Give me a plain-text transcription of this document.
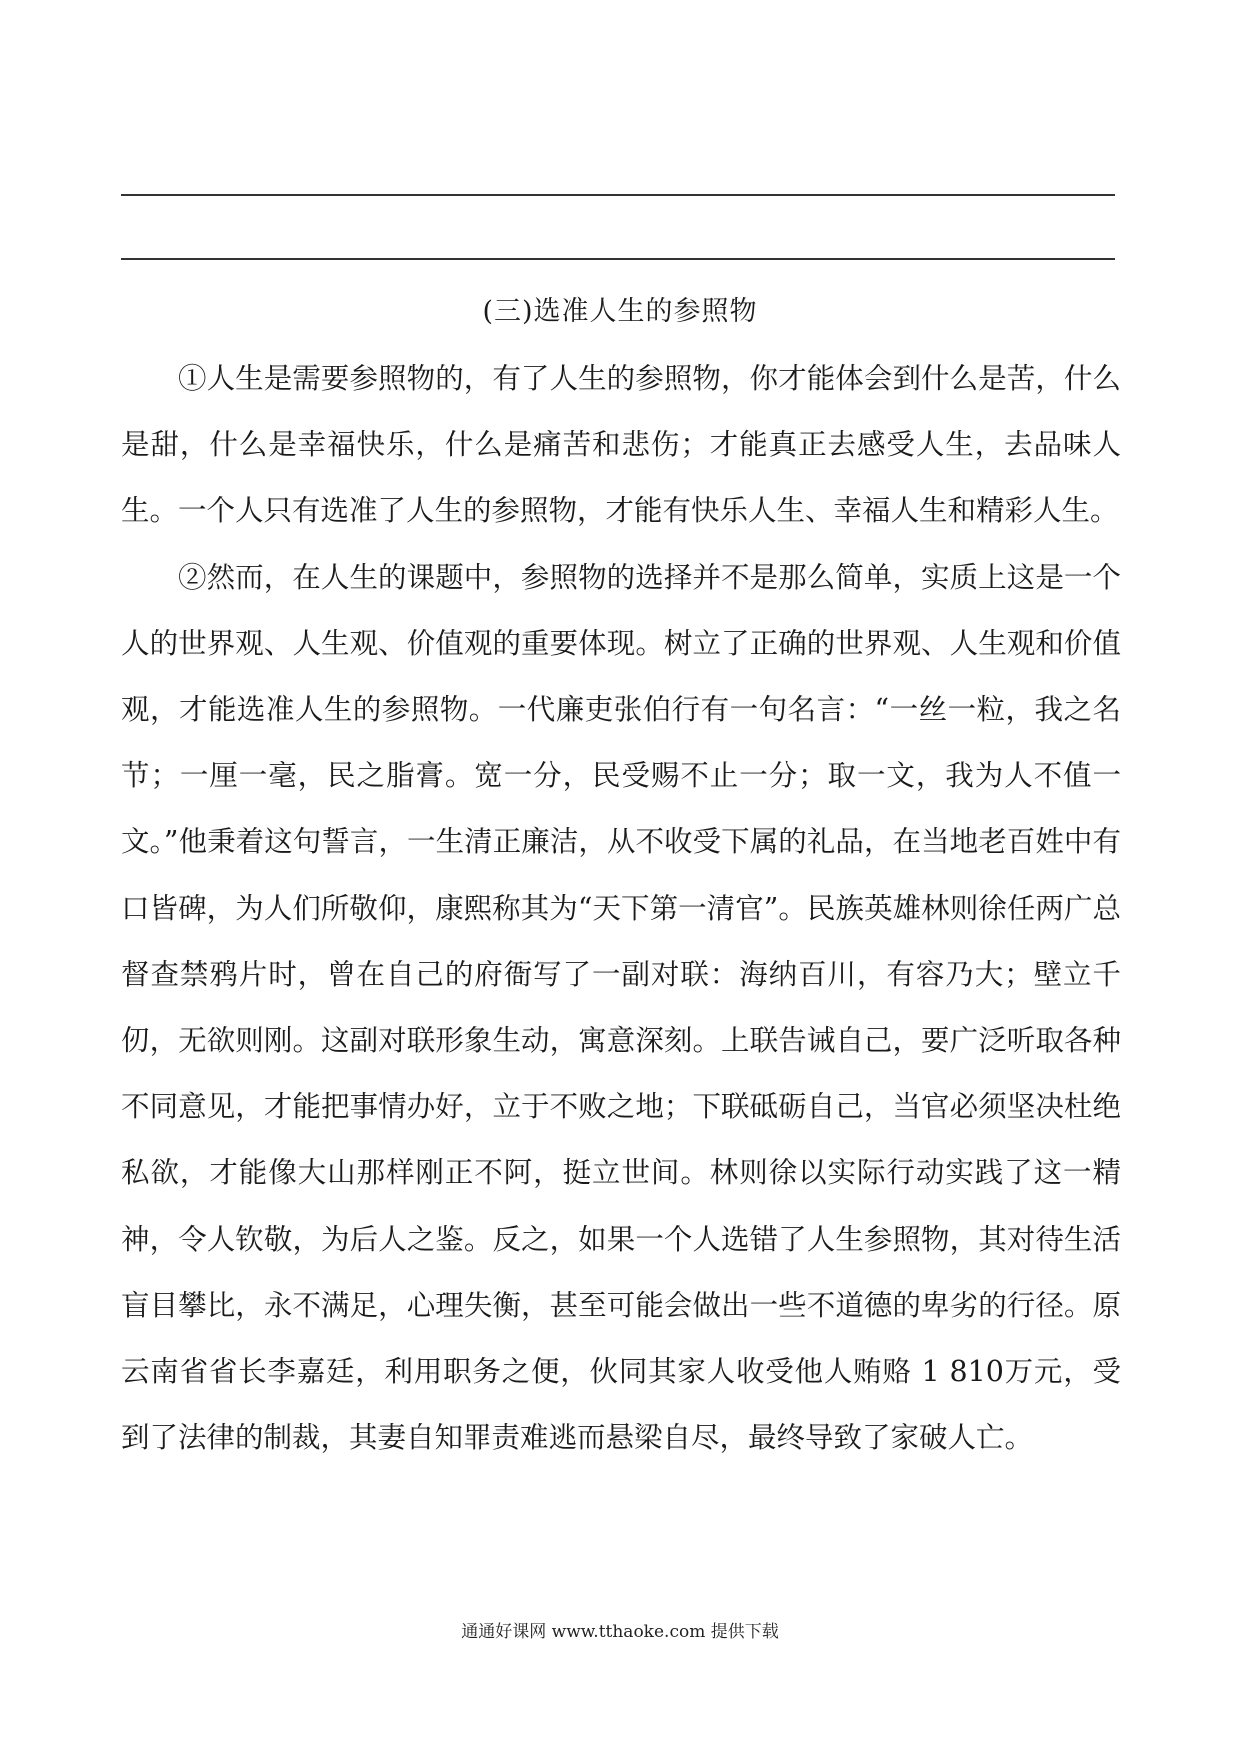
(三)选准人生的参照物

①人生是需要参照物的，有了人生的参照物，你才能体会到什么是苦，什么是甜，什么是幸福快乐，什么是痛苦和悲伤；才能真正去感受人生，去品味人生。一个人只有选准了人生的参照物，才能有快乐人生、幸福人生和精彩人生。

②然而，在人生的课题中，参照物的选择并不是那么简单，实质上这是一个人的世界观、人生观、价值观的重要体现。树立了正确的世界观、人生观和价值观，才能选准人生的参照物。一代廉吏张伯行有一句名言：“一丝一粒，我之名节；一厘一毫，民之脂膏。宽一分，民受赐不止一分；取一文，我为人不值一文。”他秉着这句誓言，一生清正廉洁，从不收受下属的礼品，在当地老百姓中有口皆碑，为人们所敬仰，康熙称其为“天下第一清官”。民族英雄林则徐任两广总督查禁鸦片时，曾在自己的府衙写了一副对联：海纳百川，有容乃大；壁立千仞，无欲则刚。这副对联形象生动，寓意深刻。上联告诫自己，要广泛听取各种不同意见，才能把事情办好，立于不败之地；下联砥砺自己，当官必须坚决杜绝私欲，才能像大山那样刚正不阿，挺立世间。林则徐以实际行动实践了这一精神，令人钦敬，为后人之鉴。反之，如果一个人选错了人生参照物，其对待生活盲目攀比，永不满足，心理失衡，甚至可能会做出一些不道德的卑劣的行径。原云南省省长李嘉廷，利用职务之便，伙同其家人收受他人贿赂 1 810万元，受到了法律的制裁，其妻自知罪责难逃而悬梁自尽，最终导致了家破人亡。

通通好课网 www.tthaoke.com 提供下载
